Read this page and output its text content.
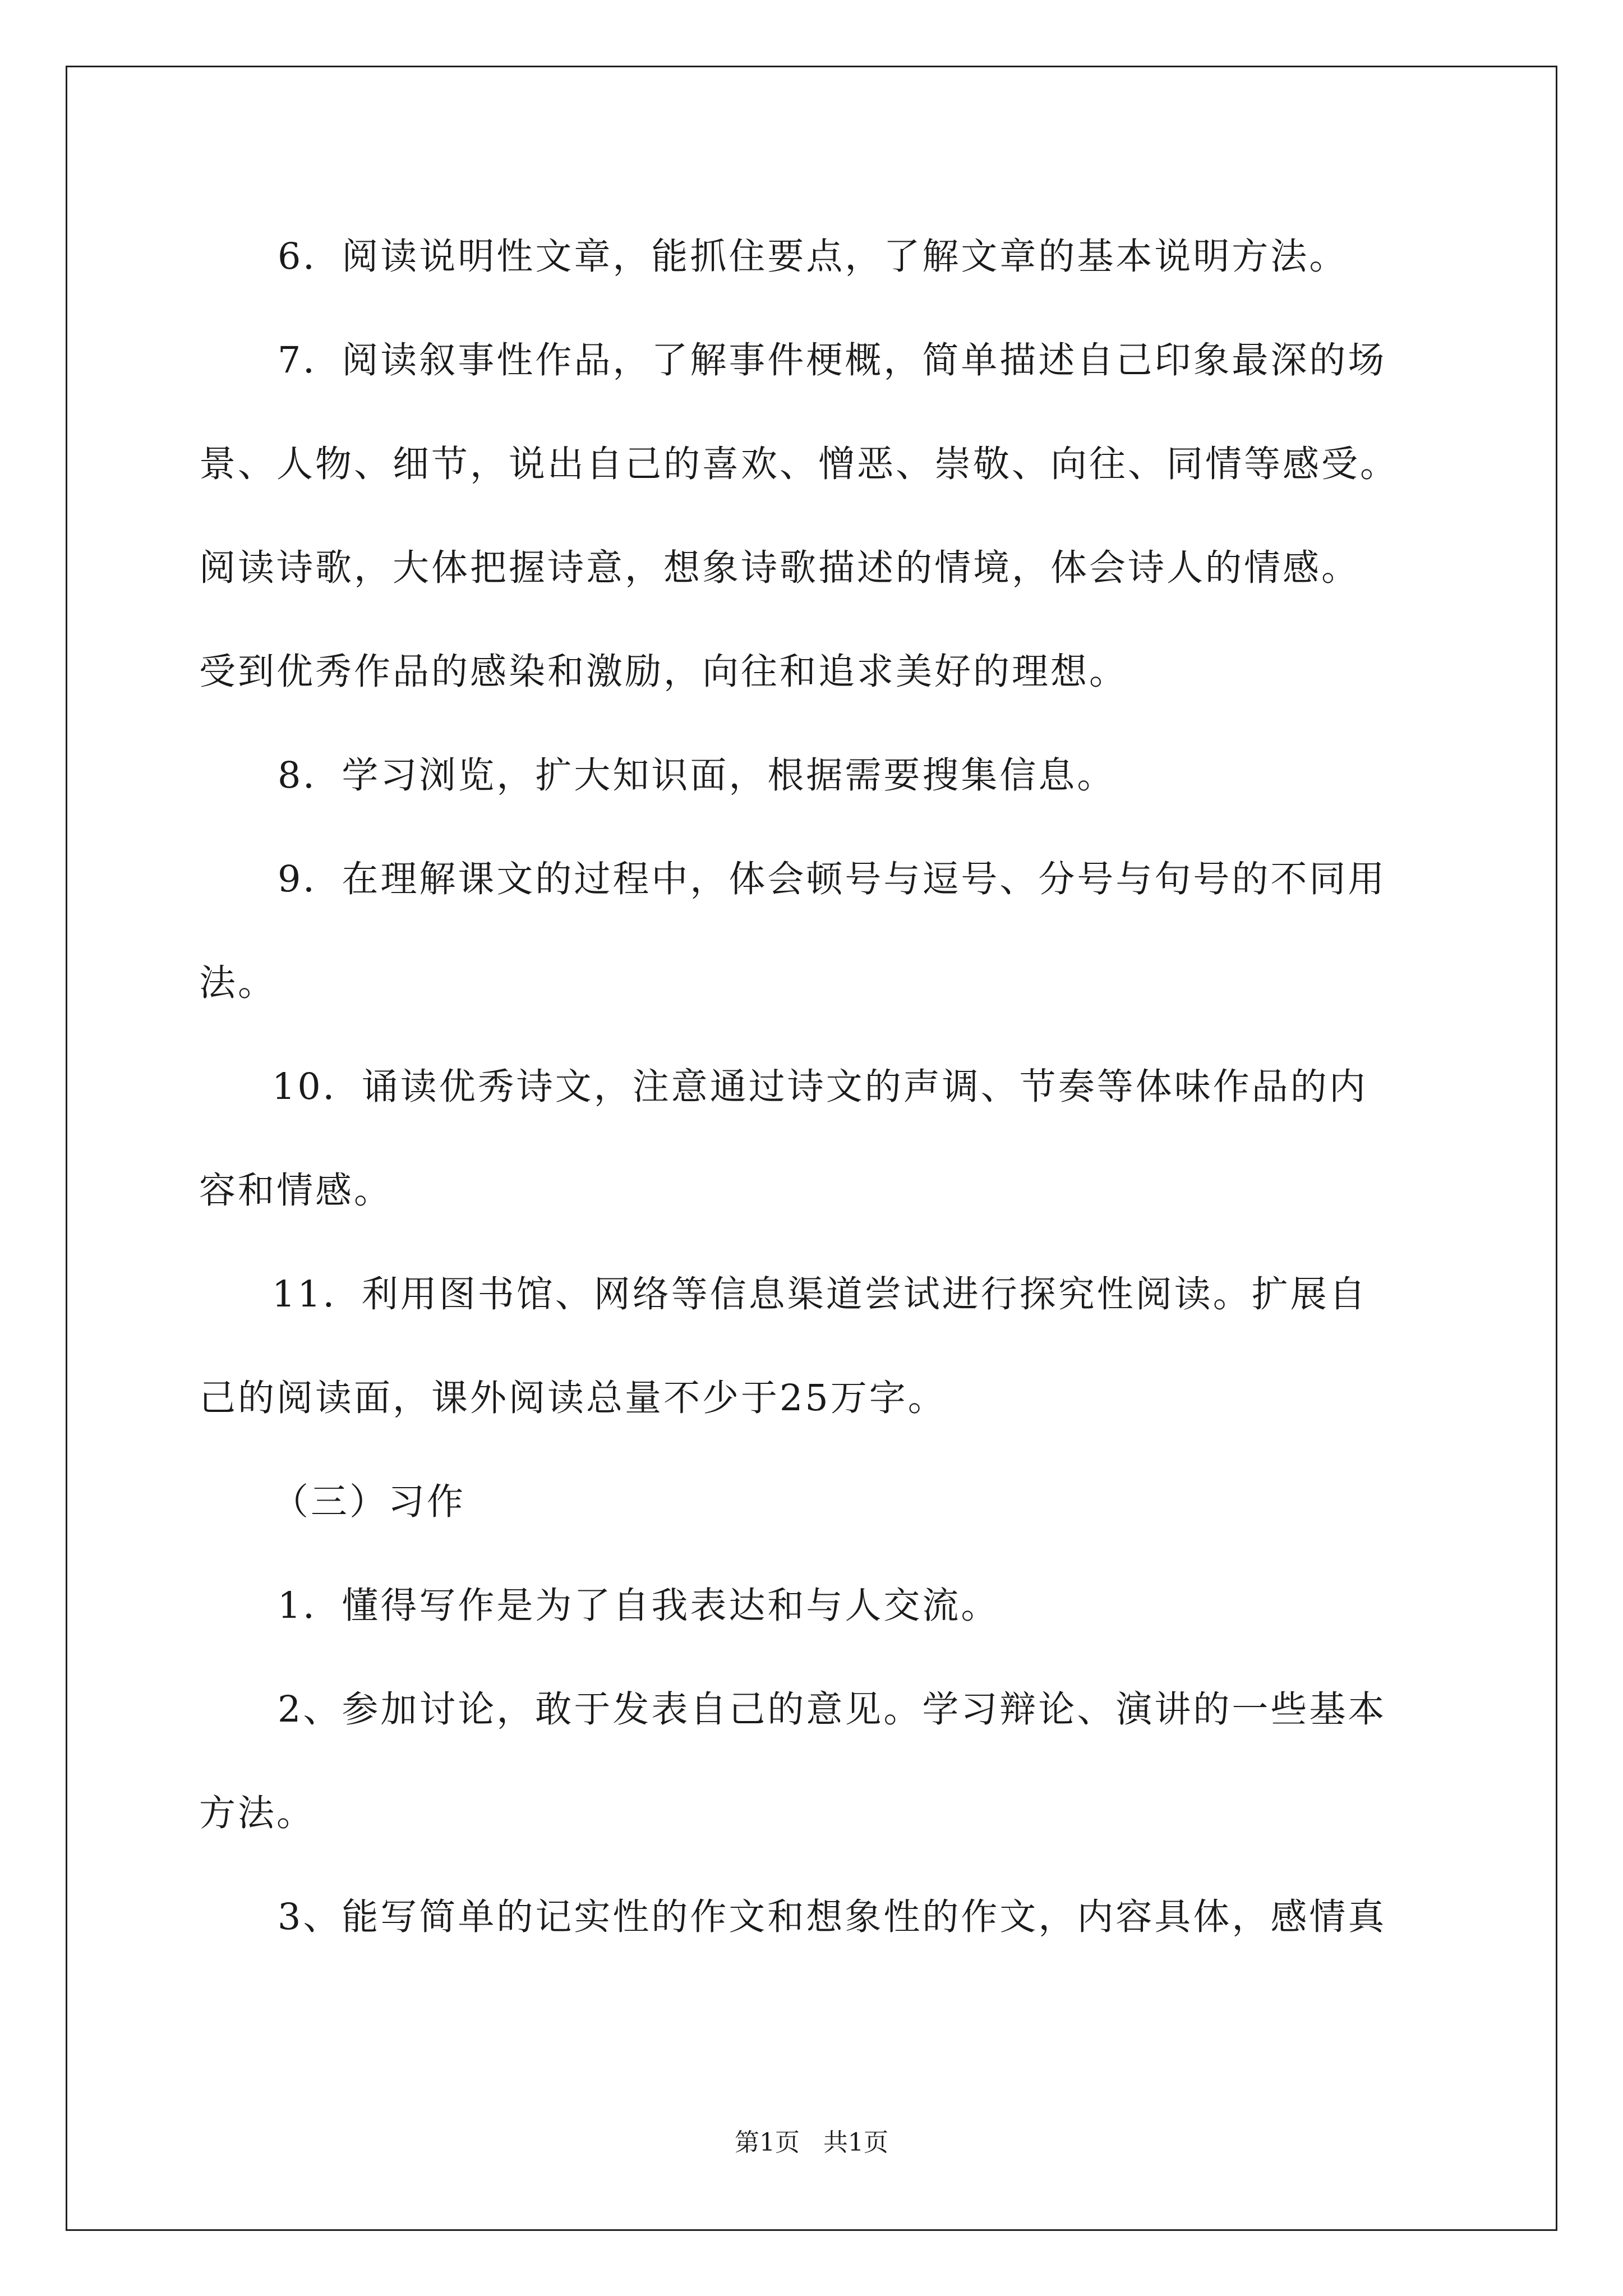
6．阅读说明性文章，能抓住要点，了解文章的基本说明方法。
7．阅读叙事性作品，了解事件梗概，简单描述自己印象最深的场
景、人物、细节，说出自己的喜欢、憎恶、崇敬、向往、同情等感受。
阅读诗歌，大体把握诗意，想象诗歌描述的情境，体会诗人的情感。
受到优秀作品的感染和激励，向往和追求美好的理想。
8．学习浏览，扩大知识面，根据需要搜集信息。
9．在理解课文的过程中，体会顿号与逗号、分号与句号的不同用
法。
10．诵读优秀诗文，注意通过诗文的声调、节奏等体味作品的内
容和情感。
11．利用图书馆、网络等信息渠道尝试进行探究性阅读。扩展自
己的阅读面，课外阅读总量不少于25万字。
（三）习作
1．懂得写作是为了自我表达和与人交流。
2、参加讨论，敢于发表自己的意见。学习辩论、演讲的一些基本
方法。
3、能写简单的记实性的作文和想象性的作文，内容具体，感情真
第1页   共1页
